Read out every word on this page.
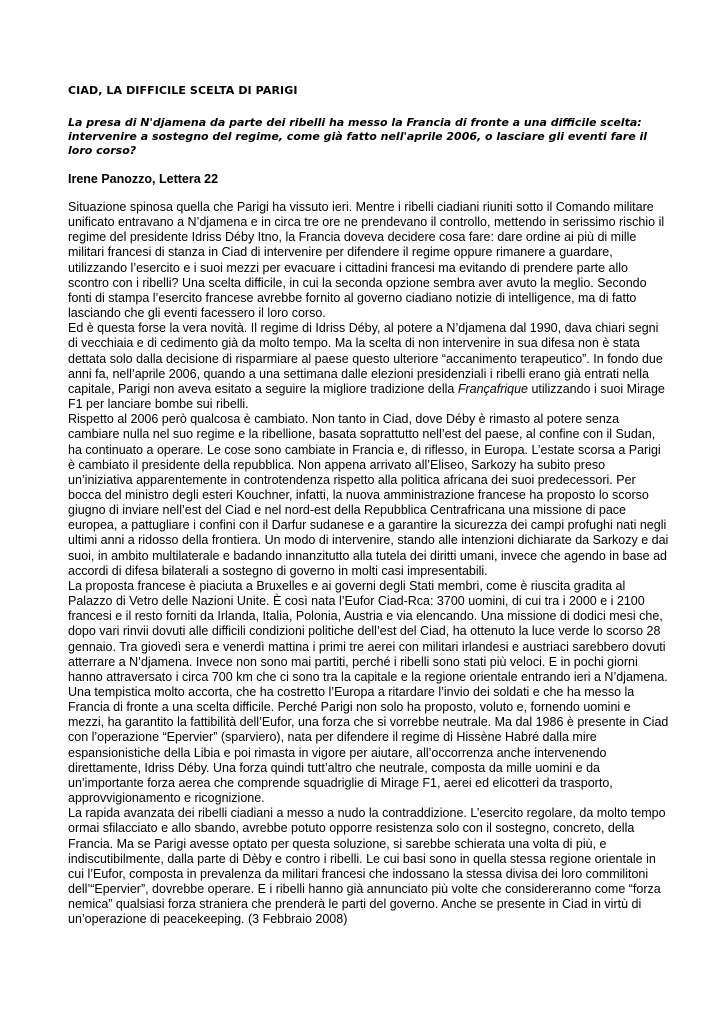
CIAD, LA DIFFICILE SCELTA DI PARIGI
La presa di N'djamena da parte dei ribelli ha messo la Francia di fronte a una difficile scelta:
intervenire a sostegno del regime, come già fatto nell'aprile 2006, o lasciare gli eventi fare il
loro corso?

Irene Panozzo, Lettera 22

Situazione spinosa quella che Parigi ha vissuto ieri. Mentre i ribelli ciadiani riuniti sotto il Comando militare
unificato entravano a N’djamena e in circa tre ore ne prendevano il controllo, mettendo in serissimo rischio il
regime del presidente Idriss Déby Itno, la Francia doveva decidere cosa fare: dare ordine ai più di mille
militari francesi di stanza in Ciad di intervenire per difendere il regime oppure rimanere a guardare,
utilizzando l’esercito e i suoi mezzi per evacuare i cittadini francesi ma evitando di prendere parte allo
scontro con i ribelli? Una scelta difficile, in cui la seconda opzione sembra aver avuto la meglio. Secondo
fonti di stampa l’esercito francese avrebbe fornito al governo ciadiano notizie di intelligence, ma di fatto
lasciando che gli eventi facessero il loro corso.
Ed è questa forse la vera novità. Il regime di Idriss Déby, al potere a N’djamena dal 1990, dava chiari segni
di vecchiaia e di cedimento già da molto tempo. Ma la scelta di non intervenire in sua difesa non è stata
dettata solo dalla decisione di risparmiare al paese questo ulteriore “accanimento terapeutico”. In fondo due
anni fa, nell’aprile 2006, quando a una settimana dalle elezioni presidenziali i ribelli erano già entrati nella
capitale, Parigi non aveva esitato a seguire la migliore tradizione della Françafrique utilizzando i suoi Mirage
F1 per lanciare bombe sui ribelli.
Rispetto al 2006 però qualcosa è cambiato. Non tanto in Ciad, dove Déby è rimasto al potere senza
cambiare nulla nel suo regime e la ribellione, basata soprattutto nell’est del paese, al confine con il Sudan,
ha continuato a operare. Le cose sono cambiate in Francia e, di riflesso, in Europa. L’estate scorsa a Parigi
è cambiato il presidente della repubblica. Non appena arrivato all’Eliseo, Sarkozy ha subito preso
un’iniziativa apparentemente in controtendenza rispetto alla politica africana dei suoi predecessori. Per
bocca del ministro degli esteri Kouchner, infatti, la nuova amministrazione francese ha proposto lo scorso
giugno di inviare nell’est del Ciad e nel nord-est della Repubblica Centrafricana una missione di pace
europea, a pattugliare i confini con il Darfur sudanese e a garantire la sicurezza dei campi profughi nati negli
ultimi anni a ridosso della frontiera. Un modo di intervenire, stando alle intenzioni dichiarate da Sarkozy e dai
suoi, in ambito multilaterale e badando innanzitutto alla tutela dei diritti umani, invece che agendo in base ad
accordi di difesa bilaterali a sostegno di governo in molti casi impresentabili.
La proposta francese è piaciuta a Bruxelles e ai governi degli Stati membri, come è riuscita gradita al
Palazzo di Vetro delle Nazioni Unite. È così nata l’Eufor Ciad-Rca: 3700 uomini, di cui tra i 2000 e i 2100
francesi e il resto forniti da Irlanda, Italia, Polonia, Austria e via elencando. Una missione di dodici mesi che,
dopo vari rinvii dovuti alle difficili condizioni politiche dell’est del Ciad, ha ottenuto la luce verde lo scorso 28
gennaio. Tra giovedì sera e venerdì mattina i primi tre aerei con militari irlandesi e austriaci sarebbero dovuti
atterrare a N’djamena. Invece non sono mai partiti, perché i ribelli sono stati più veloci. E in pochi giorni
hanno attraversato i circa 700 km che ci sono tra la capitale e la regione orientale entrando ieri a N’djamena.
Una tempistica molto accorta, che ha costretto l’Europa a ritardare l’invio dei soldati e che ha messo la
Francia di fronte a una scelta difficile. Perché Parigi non solo ha proposto, voluto e, fornendo uomini e
mezzi, ha garantito la fattibilità dell’Eufor, una forza che si vorrebbe neutrale. Ma dal 1986 è presente in Ciad
con l’operazione “Epervier” (sparviero), nata per difendere il regime di Hissène Habré dalla mire
espansionistiche della Libia e poi rimasta in vigore per aiutare, all’occorrenza anche intervenendo
direttamente, Idriss Déby. Una forza quindi tutt’altro che neutrale, composta da mille uomini e da
un’importante forza aerea che comprende squadriglie di Mirage F1, aerei ed elicotteri da trasporto,
approvvigionamento e ricognizione.
La rapida avanzata dei ribelli ciadiani a messo a nudo la contraddizione. L’esercito regolare, da molto tempo
ormai sfilacciato e allo sbando, avrebbe potuto opporre resistenza solo con il sostegno, concreto, della
Francia. Ma se Parigi avesse optato per questa soluzione, si sarebbe schierata una volta di più, e
indiscutibilmente, dalla parte di Dèby e contro i ribelli. Le cui basi sono in quella stessa regione orientale in
cui l’Eufor, composta in prevalenza da militari francesi che indossano la stessa divisa dei loro commilitoni
dell’“Epervier”, dovrebbe operare. E i ribelli hanno già annunciato più volte che considereranno come “forza
nemica” qualsiasi forza straniera che prenderà le parti del governo. Anche se presente in Ciad in virtù di
un’operazione di peacekeeping. (3 Febbraio 2008)
